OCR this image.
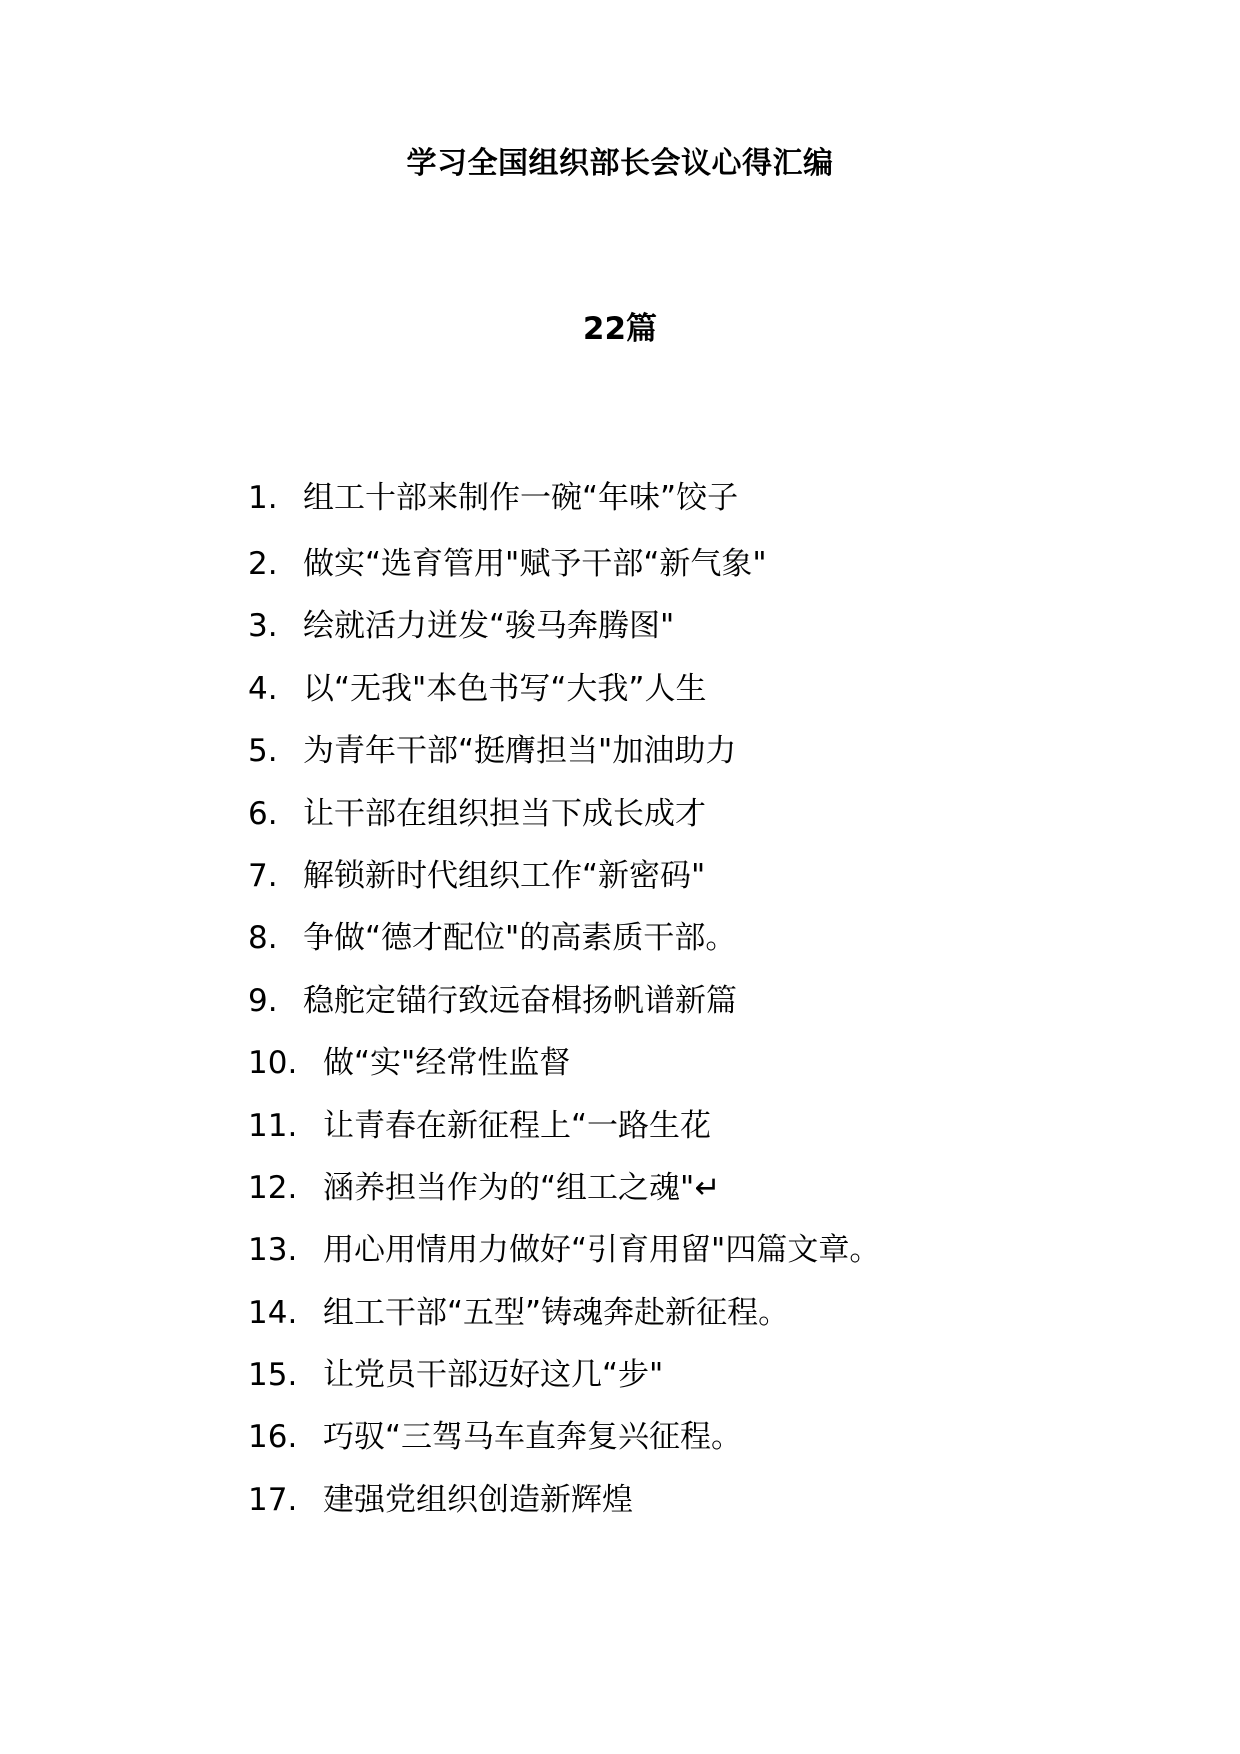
学习全国组织部长会议心得汇编
22篇
1. 组工十部来制作一碗“年味”饺子
2. 做实“选育管用"赋予干部“新气象"
3. 绘就活力迸发“骏马奔腾图"
4. 以“无我"本色书写“大我”人生
5. 为青年干部“挺膺担当"加油助力
6. 让干部在组织担当下成长成才
7. 解锁新时代组织工作“新密码"
8. 争做“德才配位"的高素质干部。
9. 稳舵定锚行致远奋楫扬帆谱新篇
10. 做“实"经常性监督
11. 让青春在新征程上“一路生花
12. 涵养担当作为的“组工之魂"↵
13. 用心用情用力做好“引育用留"四篇文章。
14. 组工干部“五型”铸魂奔赴新征程。
15. 让党员干部迈好这几“步"
16. 巧驭“三驾马车直奔复兴征程。
17. 建强党组织创造新辉煌
